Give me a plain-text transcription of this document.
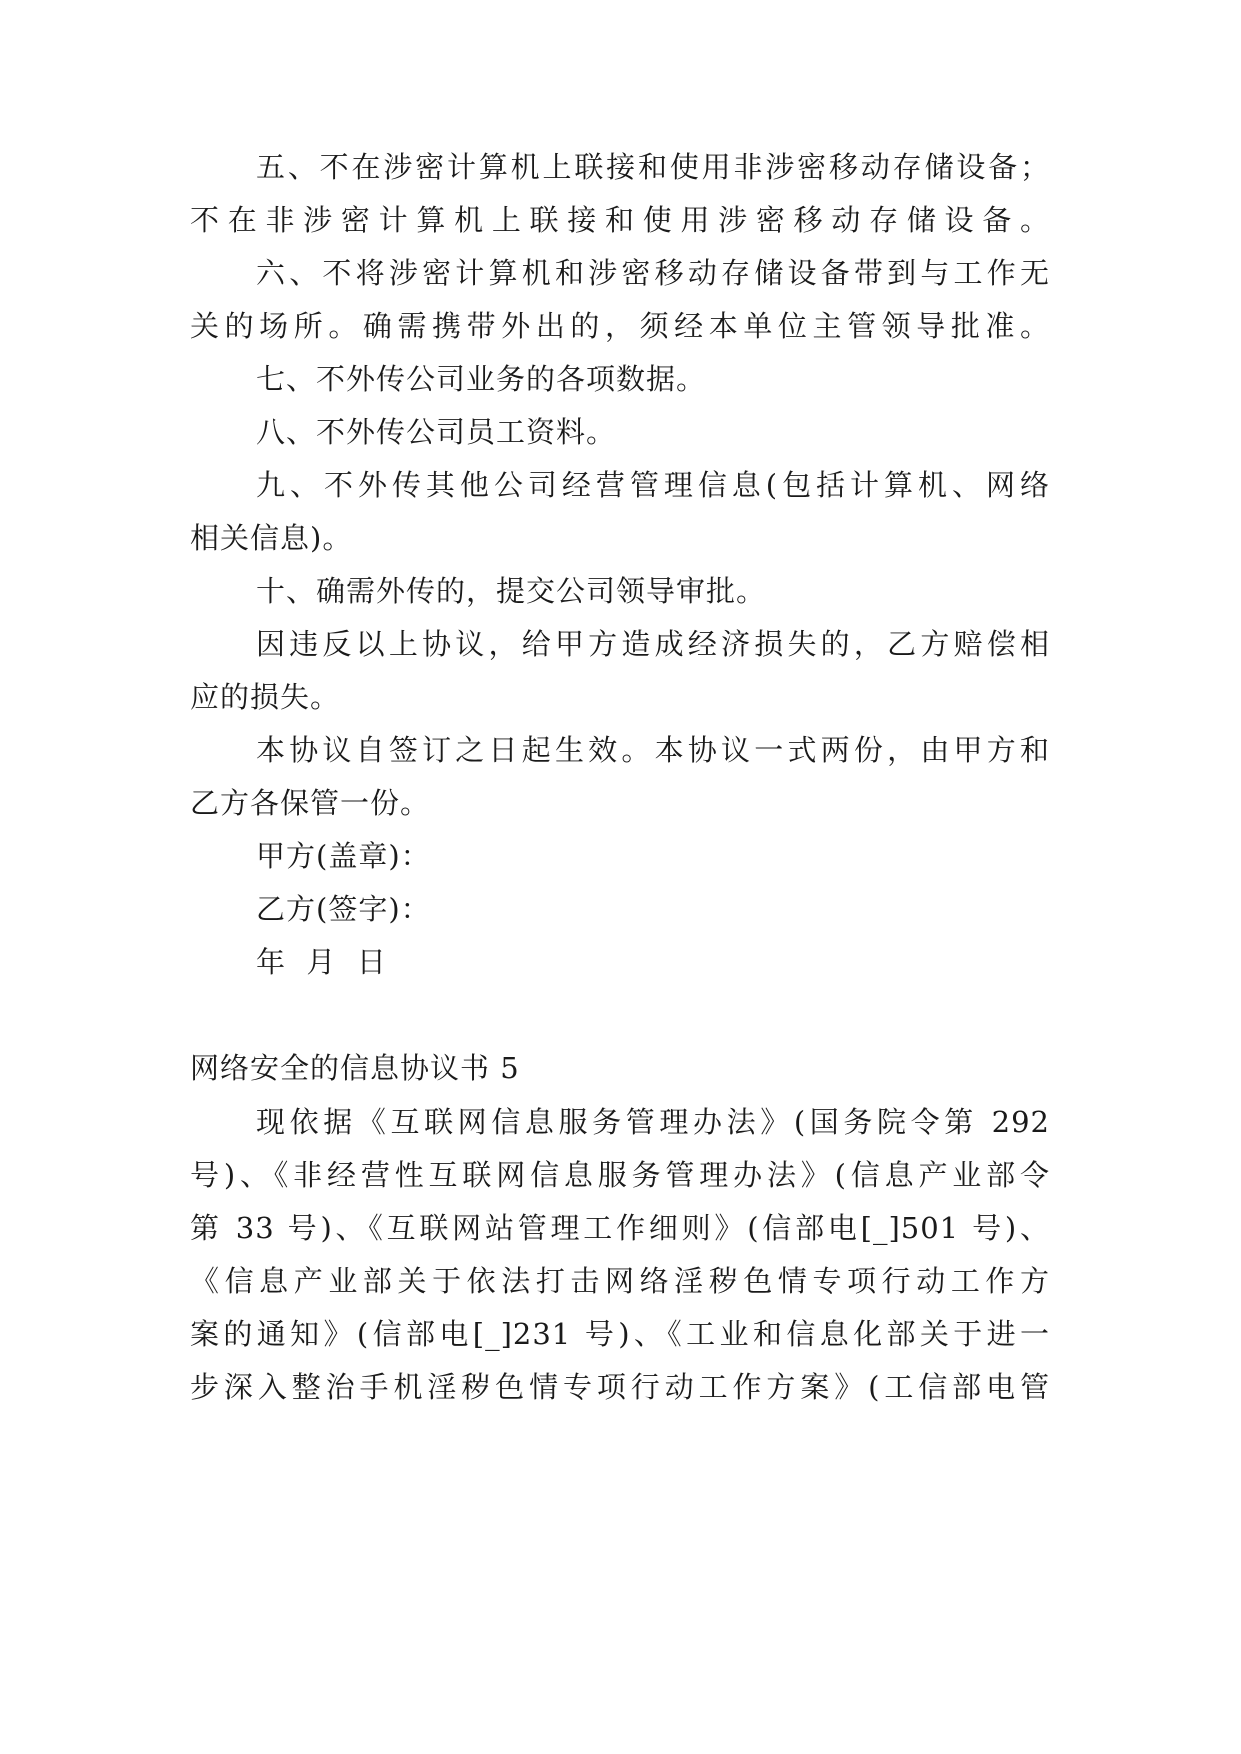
五、不在涉密计算机上联接和使用非涉密移动存储设备；
不在非涉密计算机上联接和使用涉密移动存储设备。
六、不将涉密计算机和涉密移动存储设备带到与工作无
关的场所。确需携带外出的，须经本单位主管领导批准。
七、不外传公司业务的各项数据。
八、不外传公司员工资料。
九、不外传其他公司经营管理信息(包括计算机、网络
相关信息)。
十、确需外传的，提交公司领导审批。
因违反以上协议，给甲方造成经济损失的，乙方赔偿相
应的损失。
本协议自签订之日起生效。本协议一式两份，由甲方和
乙方各保管一份。
甲方(盖章)：
乙方(签字)：
年  月  日
网络安全的信息协议书 5
现依据《互联网信息服务管理办法》(国务院令第 292
号)、《非经营性互联网信息服务管理办法》(信息产业部令
第 33 号)、《互联网站管理工作细则》(信部电[_]501 号)、
《信息产业部关于依法打击网络淫秽色情专项行动工作方
案的通知》(信部电[_]231 号)、《工业和信息化部关于进一
步深入整治手机淫秽色情专项行动工作方案》(工信部电管
